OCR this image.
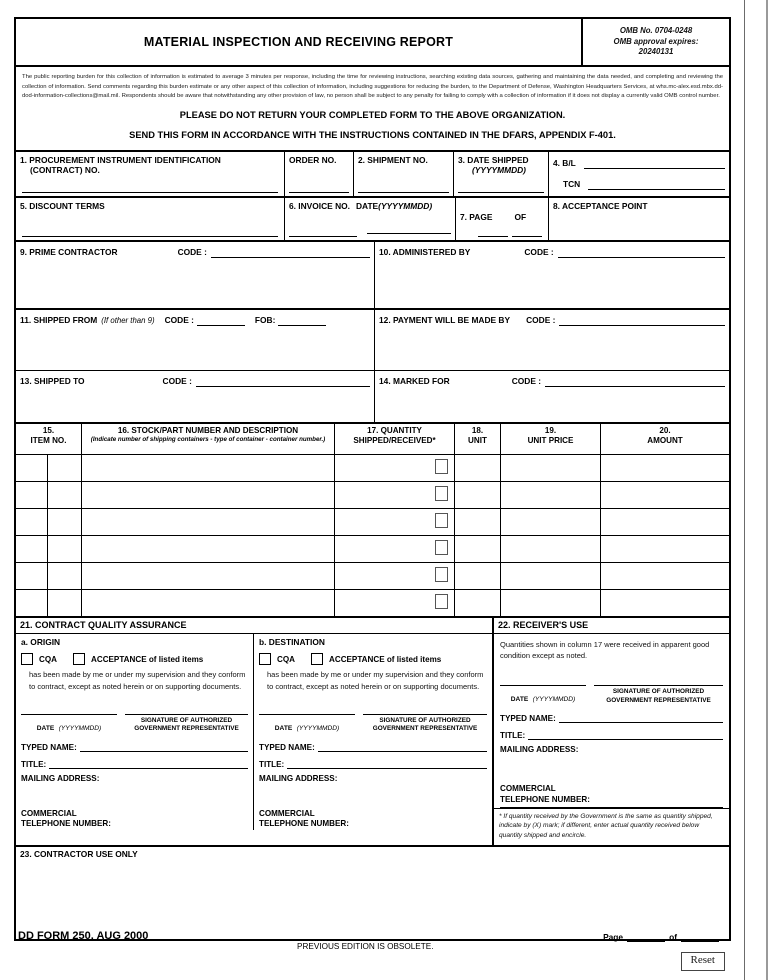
MATERIAL INSPECTION AND RECEIVING REPORT
OMB No. 0704-0248
OMB approval expires:
20240131
The public reporting burden for this collection of information is estimated to average 3 minutes per response, including the time for reviewing instructions, searching existing data sources, gathering and maintaining the data needed, and completing and reviewing the collection of information. Send comments regarding this burden estimate or any other aspect of this collection of information, including suggestions for reducing the burden, to the Department of Defense, Washington Headquarters Services, at whs.mc-alex.esd.mbx.dd-dod-information-collections@mail.mil. Respondents should be aware that notwithstanding any other provision of law, no person shall be subject to any penalty for failing to comply with a collection of information if it does not display a currently valid OMB control number.
PLEASE DO NOT RETURN YOUR COMPLETED FORM TO THE ABOVE ORGANIZATION.
SEND THIS FORM IN ACCORDANCE WITH THE INSTRUCTIONS CONTAINED IN THE DFARS, APPENDIX F-401.
1. PROCUREMENT INSTRUMENT IDENTIFICATION
(CONTRACT) NO.
ORDER NO.	2. SHIPMENT NO.	3. DATE SHIPPED
(YYYYMMDD)
4. B/L
TCN
5. DISCOUNT TERMS	6. INVOICE NO. DATE (YYYYMMDD)
7. PAGE	OF
8. ACCEPTANCE POINT
9. PRIME CONTRACTOR	CODE :	10. ADMINISTERED BY	CODE :
11. SHIPPED FROM (If other than 9) CODE :	FOB:	12. PAYMENT WILL BE MADE BY CODE :
13. SHIPPED TO	CODE :	14. MARKED FOR	CODE :
15.
ITEM NO.
16. STOCK/PART NUMBER AND DESCRIPTION
(Indicate number of shipping containers - type of container - container number.)
17. QUANTITY
SHIPPED/RECEIVED*
18.
UNIT
19.
UNIT PRICE
20.
AMOUNT
21. CONTRACT QUALITY ASSURANCE
a. ORIGIN
CQA	ACCEPTANCE of listed items
has been made by me or under my supervision and they conform to contract, except as noted herein or on supporting documents.
DATE (YYYYMMDD)
SIGNATURE OF AUTHORIZED
GOVERNMENT REPRESENTATIVE
TYPED NAME:
TITLE:
MAILING ADDRESS:
COMMERCIAL
TELEPHONE NUMBER:
b. DESTINATION
CQA	ACCEPTANCE of listed items
has been made by me or under my supervision and they conform to contract, except as noted herein or on supporting documents.
DATE (YYYYMMDD)
SIGNATURE OF AUTHORIZED
GOVERNMENT REPRESENTATIVE
TYPED NAME:
TITLE:
MAILING ADDRESS:
COMMERCIAL
TELEPHONE NUMBER:
22. RECEIVER'S USE
Quantities shown in column 17 were received in apparent good condition except as noted.
DATE (YYYYMMDD)
SIGNATURE OF AUTHORIZED
GOVERNMENT REPRESENTATIVE
TYPED NAME:
TITLE:
MAILING ADDRESS:
COMMERCIAL
TELEPHONE NUMBER:
* If quantity received by the Government is the same as quantity shipped, indicate by (X) mark; if different, enter actual quantity received below quantity shipped and encircle.
23. CONTRACTOR USE ONLY
DD FORM 250, AUG 2000
PREVIOUS EDITION IS OBSOLETE.
Page	of
Reset
